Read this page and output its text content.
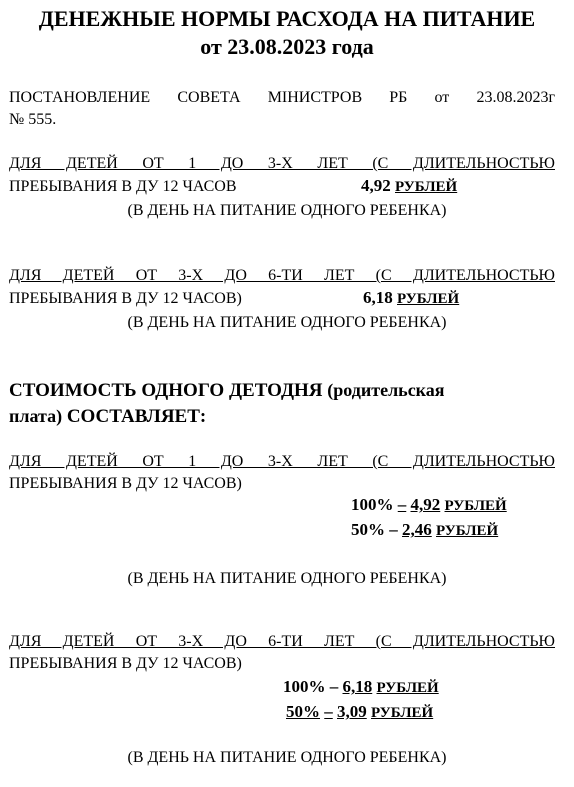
ДЕНЕЖНЫЕ НОРМЫ РАСХОДА НА ПИТАНИЕ
от 23.08.2023 года
ПОСТАНОВЛЕНИЕ СОВЕТА МІНИСТРОВ РБ от 23.08.2023г
№ 555.
ДЛЯ ДЕТЕЙ ОТ 1 ДО 3-Х ЛЕТ (С ДЛИТЕЛЬНОСТЬЮ
ПРЕБЫВАНИЯ В ДУ 12 ЧАСОВ	4,92 РУБЛЕЙ
(В ДЕНЬ НА ПИТАНИЕ ОДНОГО РЕБЕНКА)
ДЛЯ ДЕТЕЙ ОТ 3-Х ДО 6-ТИ ЛЕТ (С ДЛИТЕЛЬНОСТЬЮ
ПРЕБЫВАНИЯ В ДУ 12 ЧАСОВ)	6,18 РУБЛЕЙ
(В ДЕНЬ НА ПИТАНИЕ ОДНОГО РЕБЕНКА)
СТОИМОСТЬ ОДНОГО ДЕТОДНЯ (родительская
плата) СОСТАВЛЯЕТ:
ДЛЯ ДЕТЕЙ ОТ 1 ДО 3-Х ЛЕТ (С ДЛИТЕЛЬНОСТЬЮ
ПРЕБЫВАНИЯ В ДУ 12 ЧАСОВ)
100% – 4,92 РУБЛЕЙ
50% – 2,46 РУБЛЕЙ
(В ДЕНЬ НА ПИТАНИЕ ОДНОГО РЕБЕНКА)
ДЛЯ ДЕТЕЙ ОТ 3-Х ДО 6-ТИ ЛЕТ (С ДЛИТЕЛЬНОСТЬЮ
ПРЕБЫВАНИЯ В ДУ 12 ЧАСОВ)
100% – 6,18 РУБЛЕЙ
50% – 3,09 РУБЛЕЙ
(В ДЕНЬ НА ПИТАНИЕ ОДНОГО РЕБЕНКА)
